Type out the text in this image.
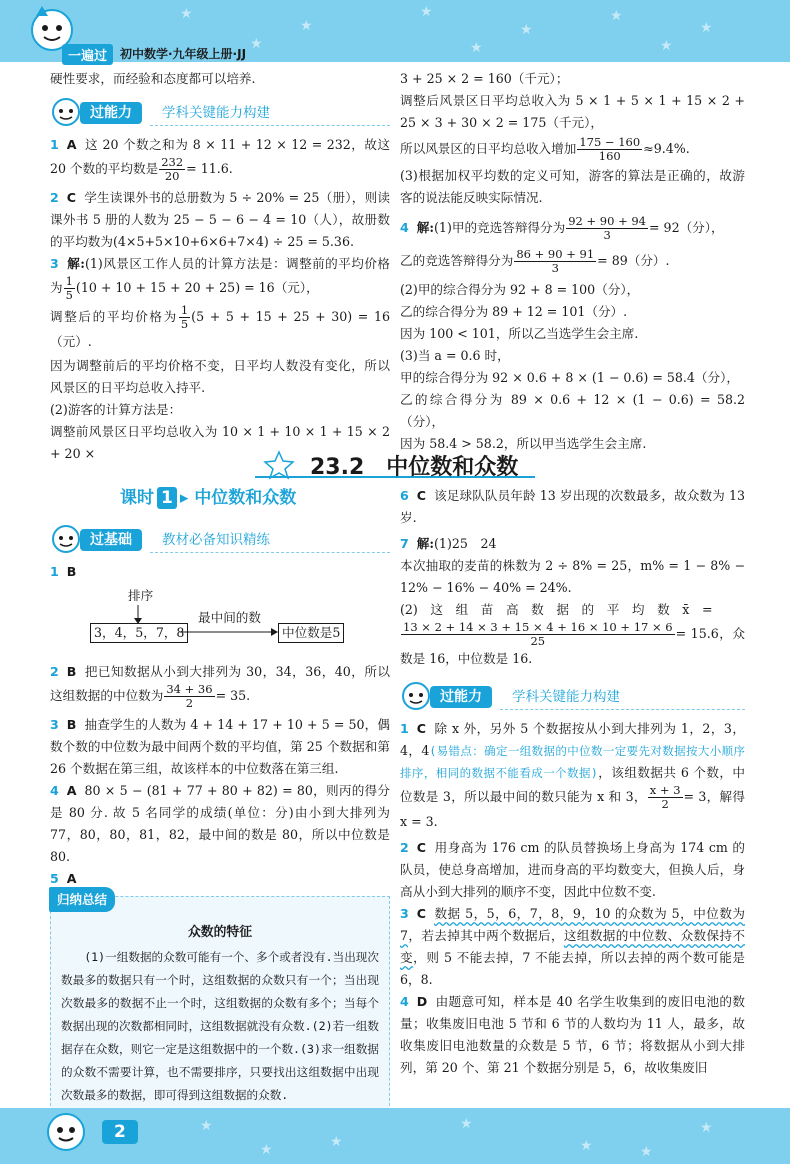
★
★
★
★
★
★
★	★	★
一遍过	初中数学·九年级上册·JJ
硬性要求，而经验和态度都可以培养.
过能力	学科关键能力构建
1 A 这 20 个数之和为 8 × 11 + 12 × 12 = 232，故这 20 个数的平均数是 $\frac{232}{20} = 11.6$.
2 C 学生读课外书的总册数为 5 ÷ 20% = 25（册），则读课外书 5 册的人数为 25 − 5 − 6 − 4 = 10（人），故册数的平均数为(4×5+5×10+6×6+7×4) ÷ 25 = 5.36.
3 解:(1)风景区工作人员的计算方法是：调整前的平均价格为 $\frac{1}{5} (10 + 10 + 15 + 20 + 25) = 16$（元），
调整后的平均价格为 $\frac{1}{5} (5 + 5 + 15 + 25 + 30) = 16$（元）.
因为调整前后的平均价格不变，日平均人数没有变化，所以风景区的日平均总收入持平.
(2)游客的计算方法是：
调整前风景区日平均总收入为 10 × 1 + 10 × 1 + 15 × 2 + 20 ×
3 + 25 × 2 = 160（千元）；
调整后风景区日平均总收入为 5 × 1 + 5 × 1 + 15 × 2 + 25 × 3 + 30 × 2 = 175（千元），
所以风景区的日平均总收入增加 $\frac{175 - 160}{160} \approx 9.4\%$.
(3)根据加权平均数的定义可知，游客的算法是正确的，故游客的说法能反映实际情况.
4 解:(1)甲的竞选答辩得分为 $\frac{92 + 90 + 94}{3} = 92$（分），
乙的竞选答辩得分为 $\frac{86 + 90 + 91}{3} = 89$（分）.
(2)甲的综合得分为 92 + 8 = 100（分），
乙的综合得分为 89 + 12 = 101（分）.
因为 100 < 101，所以乙当选学生会主席.
(3)当 a = 0.6 时，
甲的综合得分为 92 × 0.6 + 8 × (1 − 0.6) = 58.4（分），
乙的综合得分为 89 × 0.6 + 12 × (1 − 0.6) = 58.2（分），
因为 58.4 > 58.2，所以甲当选学生会主席.
23.2　 中位数和众数
课时 1 ▸ 中位数和众数
过基础	教材必备知识精练
1 B
排序
最中间的数
3，4，5，7，8	中位数是5
2 B 把已知数据从小到大排列为 30，34，36，40，所以这组数据的中位数为 $\frac{34 + 36}{2} = 35$.
3 B 抽查学生的人数为 4 + 14 + 17 + 10 + 5 = 50，偶数个数的中位数为最中间两个数的平均值，第 25 个数据和第 26 个数据在第三组，故该样本的中位数落在第三组.
4 A 80 × 5 − (81 + 77 + 80 + 82) = 80，则丙的得分是 80 分. 故 5 名同学的成绩(单位：分)由小到大排列为 77，80，80，81，82，最中间的数是 80，所以中位数是 80.
5 A
归纳总结
众数的特征

(1)一组数据的众数可能有一个、多个或者没有.当出现次数最多的数据只有一个时，这组数据的众数只有一个；当出现次数最多的数据不止一个时，这组数据的众数有多个；当每个数据出现的次数都相同时，这组数据就没有众数.(2)若一组数据存在众数，则它一定是这组数据中的一个数.(3)求一组数据的众数不需要计算，也不需要排序，只要找出这组数据中出现次数最多的数据，即可得到这组数据的众数.

6 C 该足球队队员年龄 13 岁出现的次数最多，故众数为 13 岁.
7 解:(1)25　24
本次抽取的麦苗的株数为 2 ÷ 8% = 25，m% = 1 − 8% − 12% − 16% − 40% = 24%.
(2)　这　组　苗　高　数　据　的　平　均　数　x̄　=
$\frac{13 \times 2 + 14 \times 3 + 15 \times 4 + 16 \times 10 + 17 \times 6}{25} = 15.6$，众数是 16，中位数是 16.
过能力	学科关键能力构建
1 C 除 x 外，另外 5 个数据按从小到大排列为 1，2，3，4，4(易错点：确定一组数据的中位数一定要先对数据按大小顺序排序，相同的数据不能看成一个数据)，该组数据共 6 个数，中位数是 3，所以最中间的数只能为 x 和 3， $\frac{x + 3}{2} = 3$，解得 x = 3.
2 C 用身高为 176 cm 的队员替换场上身高为 174 cm 的队员，使总身高增加，进而身高的平均数变大，但换人后，身高从小到大排列的顺序不变，因此中位数不变.
3 C 数据 5，5，6，7，8，9，10 的众数为 5，中位数为 7，若去掉其中两个数据后，这组数据的中位数、众数保持不变，则 5 不能去掉，7 不能去掉，所以去掉的两个数可能是 6，8.
4 D 由题意可知，样本是 40 名学生收集到的废旧电池的数量；收集废旧电池 5 节和 6 节的人数均为 11 人，最多，故收集废旧电池数量的众数是 5 节，6 节；将数据从小到大排列，第 20 个、第 21 个数据分别是 5，6，故收集废旧
★
★
★
★
★
★	★
2
